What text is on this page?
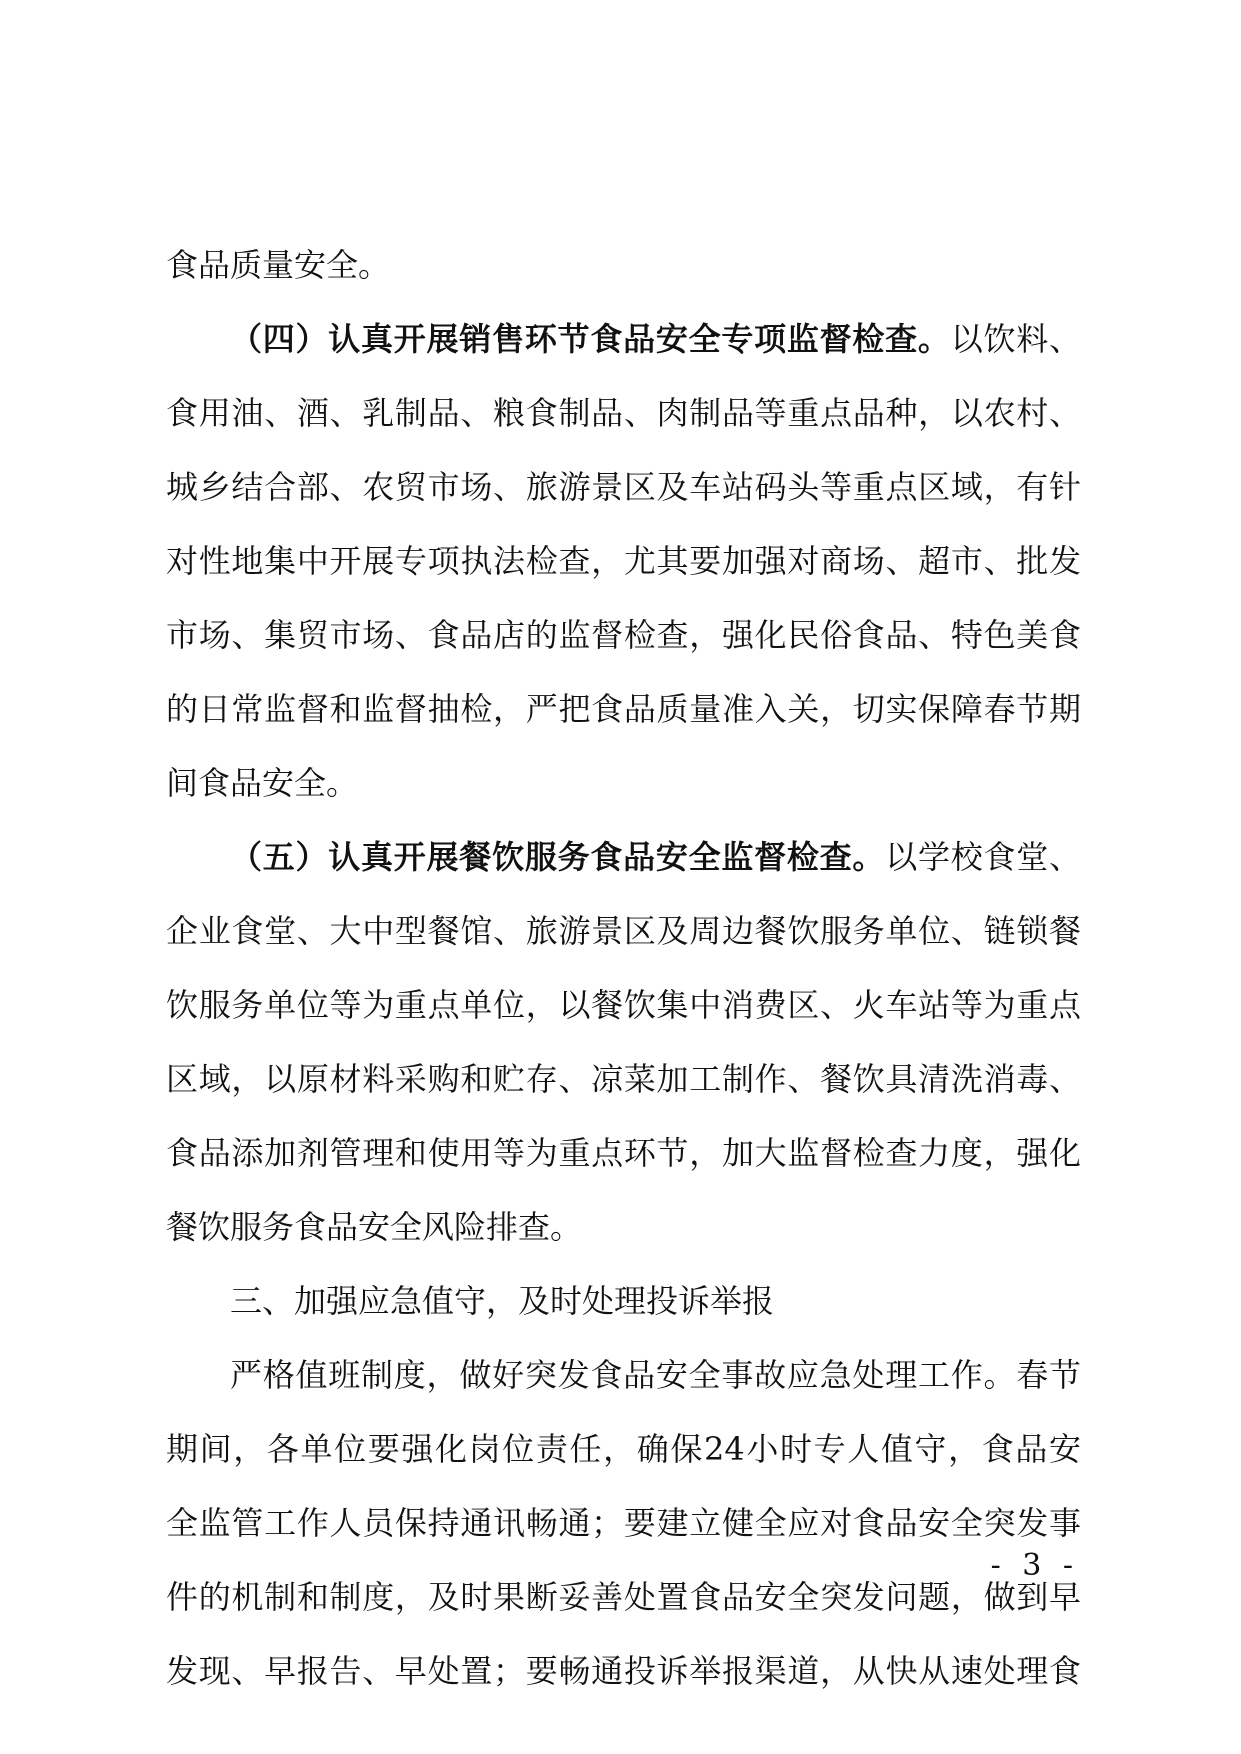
食品质量安全。
（四）认真开展销售环节食品安全专项监督检查。以饮料、
食用油、酒、乳制品、粮食制品、肉制品等重点品种，以农村、
城乡结合部、农贸市场、旅游景区及车站码头等重点区域，有针
对性地集中开展专项执法检查，尤其要加强对商场、超市、批发
市场、集贸市场、食品店的监督检查，强化民俗食品、特色美食
的日常监督和监督抽检，严把食品质量准入关，切实保障春节期
间食品安全。
（五）认真开展餐饮服务食品安全监督检查。以学校食堂、
企业食堂、大中型餐馆、旅游景区及周边餐饮服务单位、链锁餐
饮服务单位等为重点单位，以餐饮集中消费区、火车站等为重点
区域，以原材料采购和贮存、凉菜加工制作、餐饮具清洗消毒、
食品添加剂管理和使用等为重点环节，加大监督检查力度，强化
餐饮服务食品安全风险排查。
三、加强应急值守，及时处理投诉举报
严格值班制度，做好突发食品安全事故应急处理工作。春节
期间，各单位要强化岗位责任，确保24小时专人值守，食品安
全监管工作人员保持通讯畅通；要建立健全应对食品安全突发事
件的机制和制度，及时果断妥善处置食品安全突发问题，做到早
发现、早报告、早处置；要畅通投诉举报渠道，从快从速处理食
- 3 -
